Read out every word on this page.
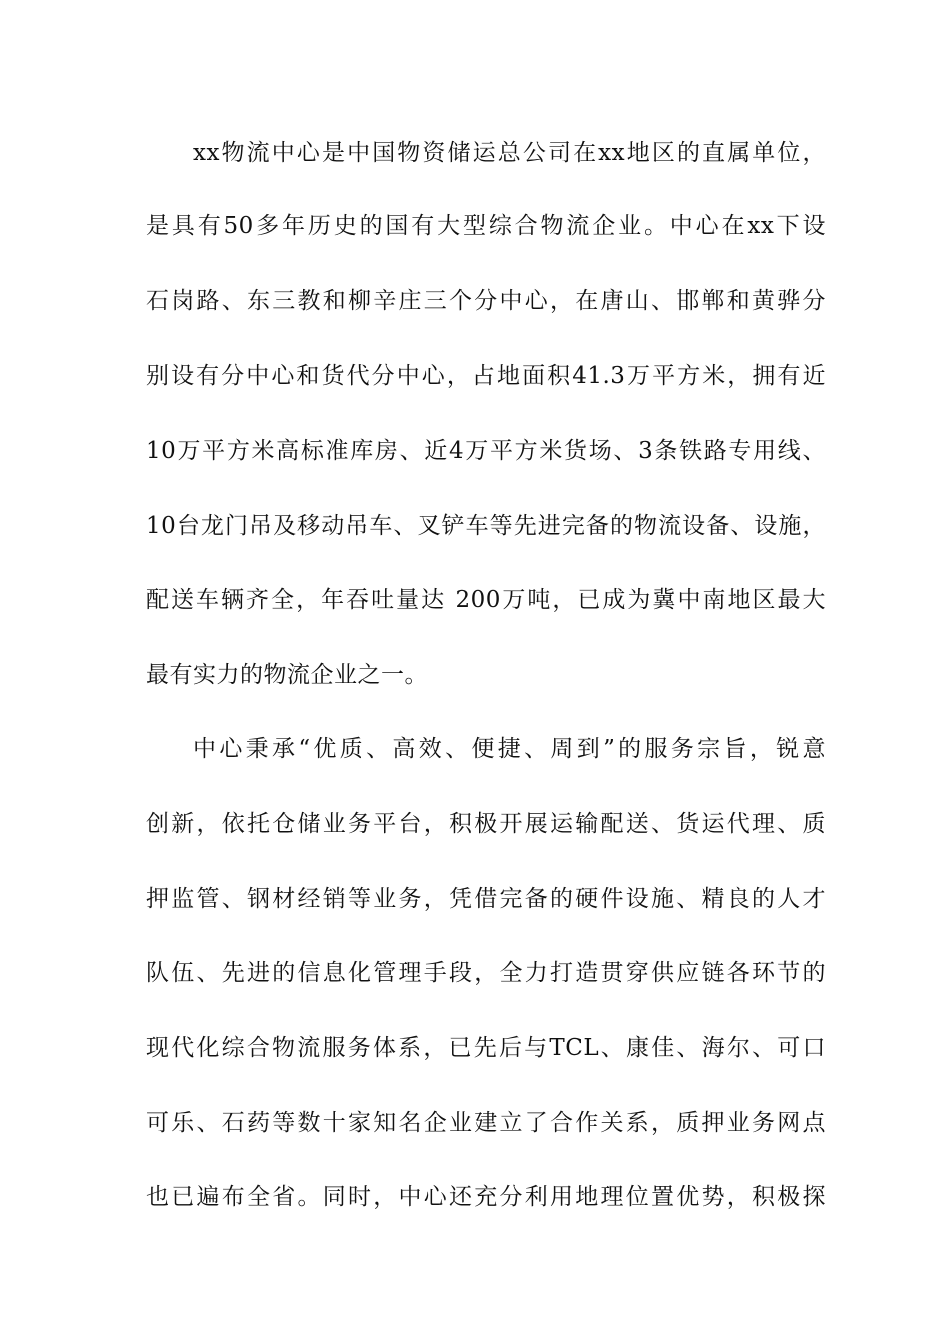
xx物流中心是中国物资储运总公司在xx地区的直属单位，
是具有50多年历史的国有大型综合物流企业。中心在xx下设
石岗路、东三教和柳辛庄三个分中心，在唐山、邯郸和黄骅分
别设有分中心和货代分中心，占地面积41.3万平方米，拥有近
10万平方米高标准库房、近4万平方米货场、3条铁路专用线、
10台龙门吊及移动吊车、叉铲车等先进完备的物流设备、设施，
配送车辆齐全，年吞吐量达 200万吨，已成为冀中南地区最大
最有实力的物流企业之一。
中心秉承“优质、高效、便捷、周到”的服务宗旨，锐意
创新，依托仓储业务平台，积极开展运输配送、货运代理、质
押监管、钢材经销等业务，凭借完备的硬件设施、精良的人才
队伍、先进的信息化管理手段，全力打造贯穿供应链各环节的
现代化综合物流服务体系，已先后与TCL、康佳、海尔、可口
可乐、石药等数十家知名企业建立了合作关系，质押业务网点
也已遍布全省。同时，中心还充分利用地理位置优势，积极探
